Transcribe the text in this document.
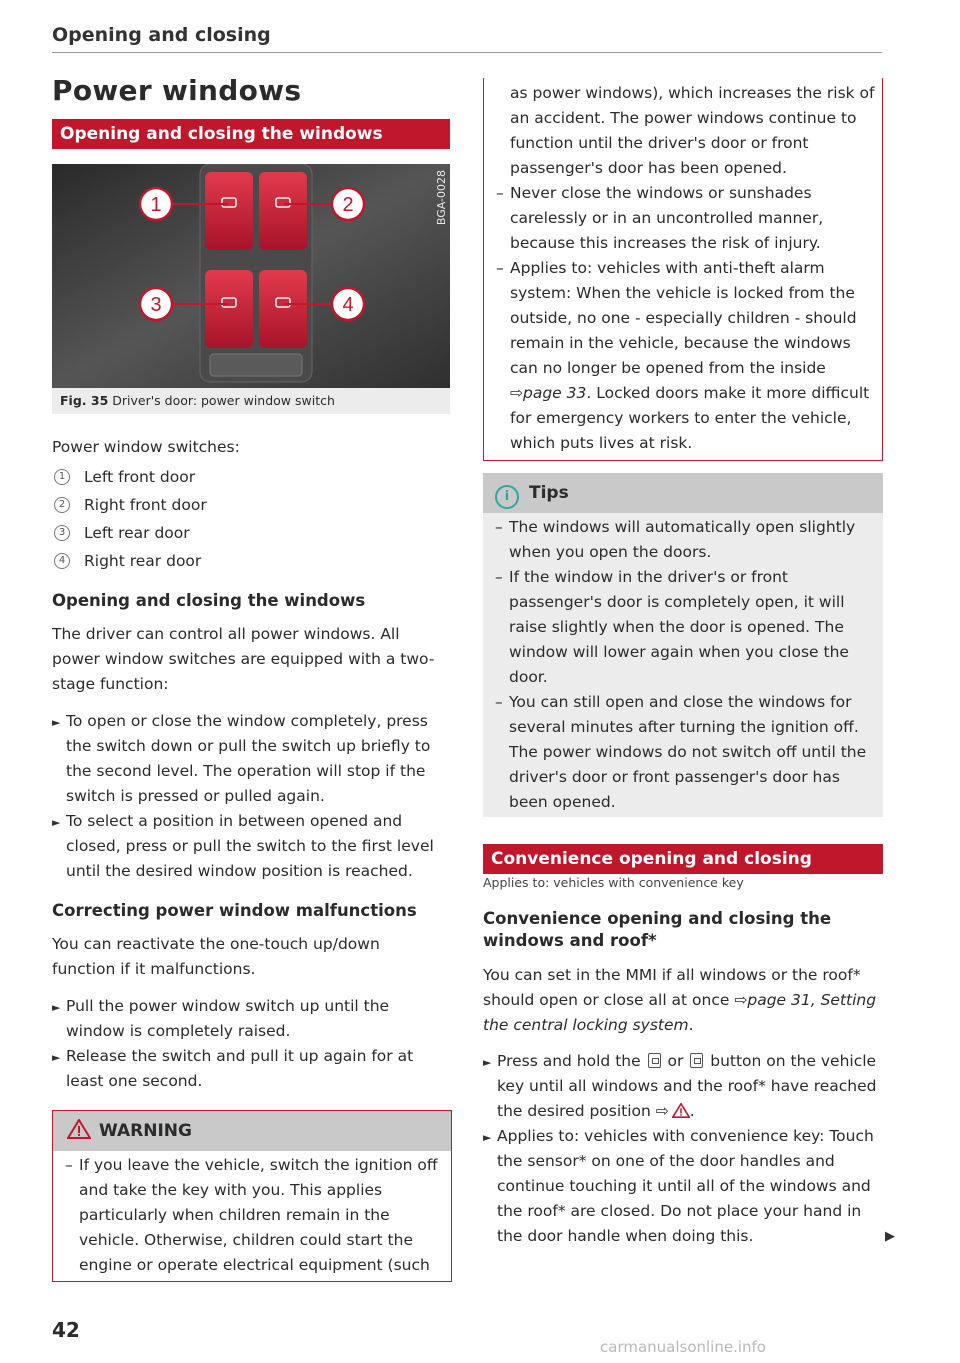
Opening and closing
Power windows
Opening and closing the windows
1	2
3	4
BGA-0028
Fig. 35 Driver's door: power window switch
Power window switches:
1	Left front door
2	Right front door
3	Left rear door
4	Right rear door
Opening and closing the windows
The driver can control all power windows. All power window switches are equipped with a two-stage function:
► To open or close the window completely, press the switch down or pull the switch up briefly to the second level. The operation will stop if the switch is pressed or pulled again.
► To select a position in between opened and closed, press or pull the switch to the first level until the desired window position is reached.
Correcting power window malfunctions
You can reactivate the one-touch up/down function if it malfunctions.
► Pull the power window switch up until the window is completely raised.
► Release the switch and pull it up again for at least one second.
WARNING
– If you leave the vehicle, switch the ignition off and take the key with you. This applies particularly when children remain in the vehicle. Otherwise, children could start the engine or operate electrical equipment (such
as power windows), which increases the risk of an accident. The power windows continue to function until the driver's door or front passenger's door has been opened.
– Never close the windows or sunshades carelessly or in an uncontrolled manner, because this increases the risk of injury.
– Applies to: vehicles with anti-theft alarm system: When the vehicle is locked from the outside, no one - especially children - should remain in the vehicle, because the windows can no longer be opened from the inside ⇨page 33. Locked doors make it more difficult for emergency workers to enter the vehicle, which puts lives at risk.
i Tips
– The windows will automatically open slightly when you open the doors.
– If the window in the driver's or front passenger's door is completely open, it will raise slightly when the door is opened. The window will lower again when you close the door.
– You can still open and close the windows for several minutes after turning the ignition off. The power windows do not switch off until the driver's door or front passenger's door has been opened.
Convenience opening and closing
Applies to: vehicles with convenience key
Convenience opening and closing the windows and roof*
You can set in the MMI if all windows or the roof* should open or close all at once ⇨page 31, Setting the central locking system.
► Press and hold the or button on the vehicle key until all windows and the roof* have reached the desired position ⇨ .
► Applies to: vehicles with convenience key: Touch the sensor* on one of the door handles and continue touching it until all of the windows and the roof* are closed. Do not place your hand in the door handle when doing this.	▶
42
carmanualsonline.info
